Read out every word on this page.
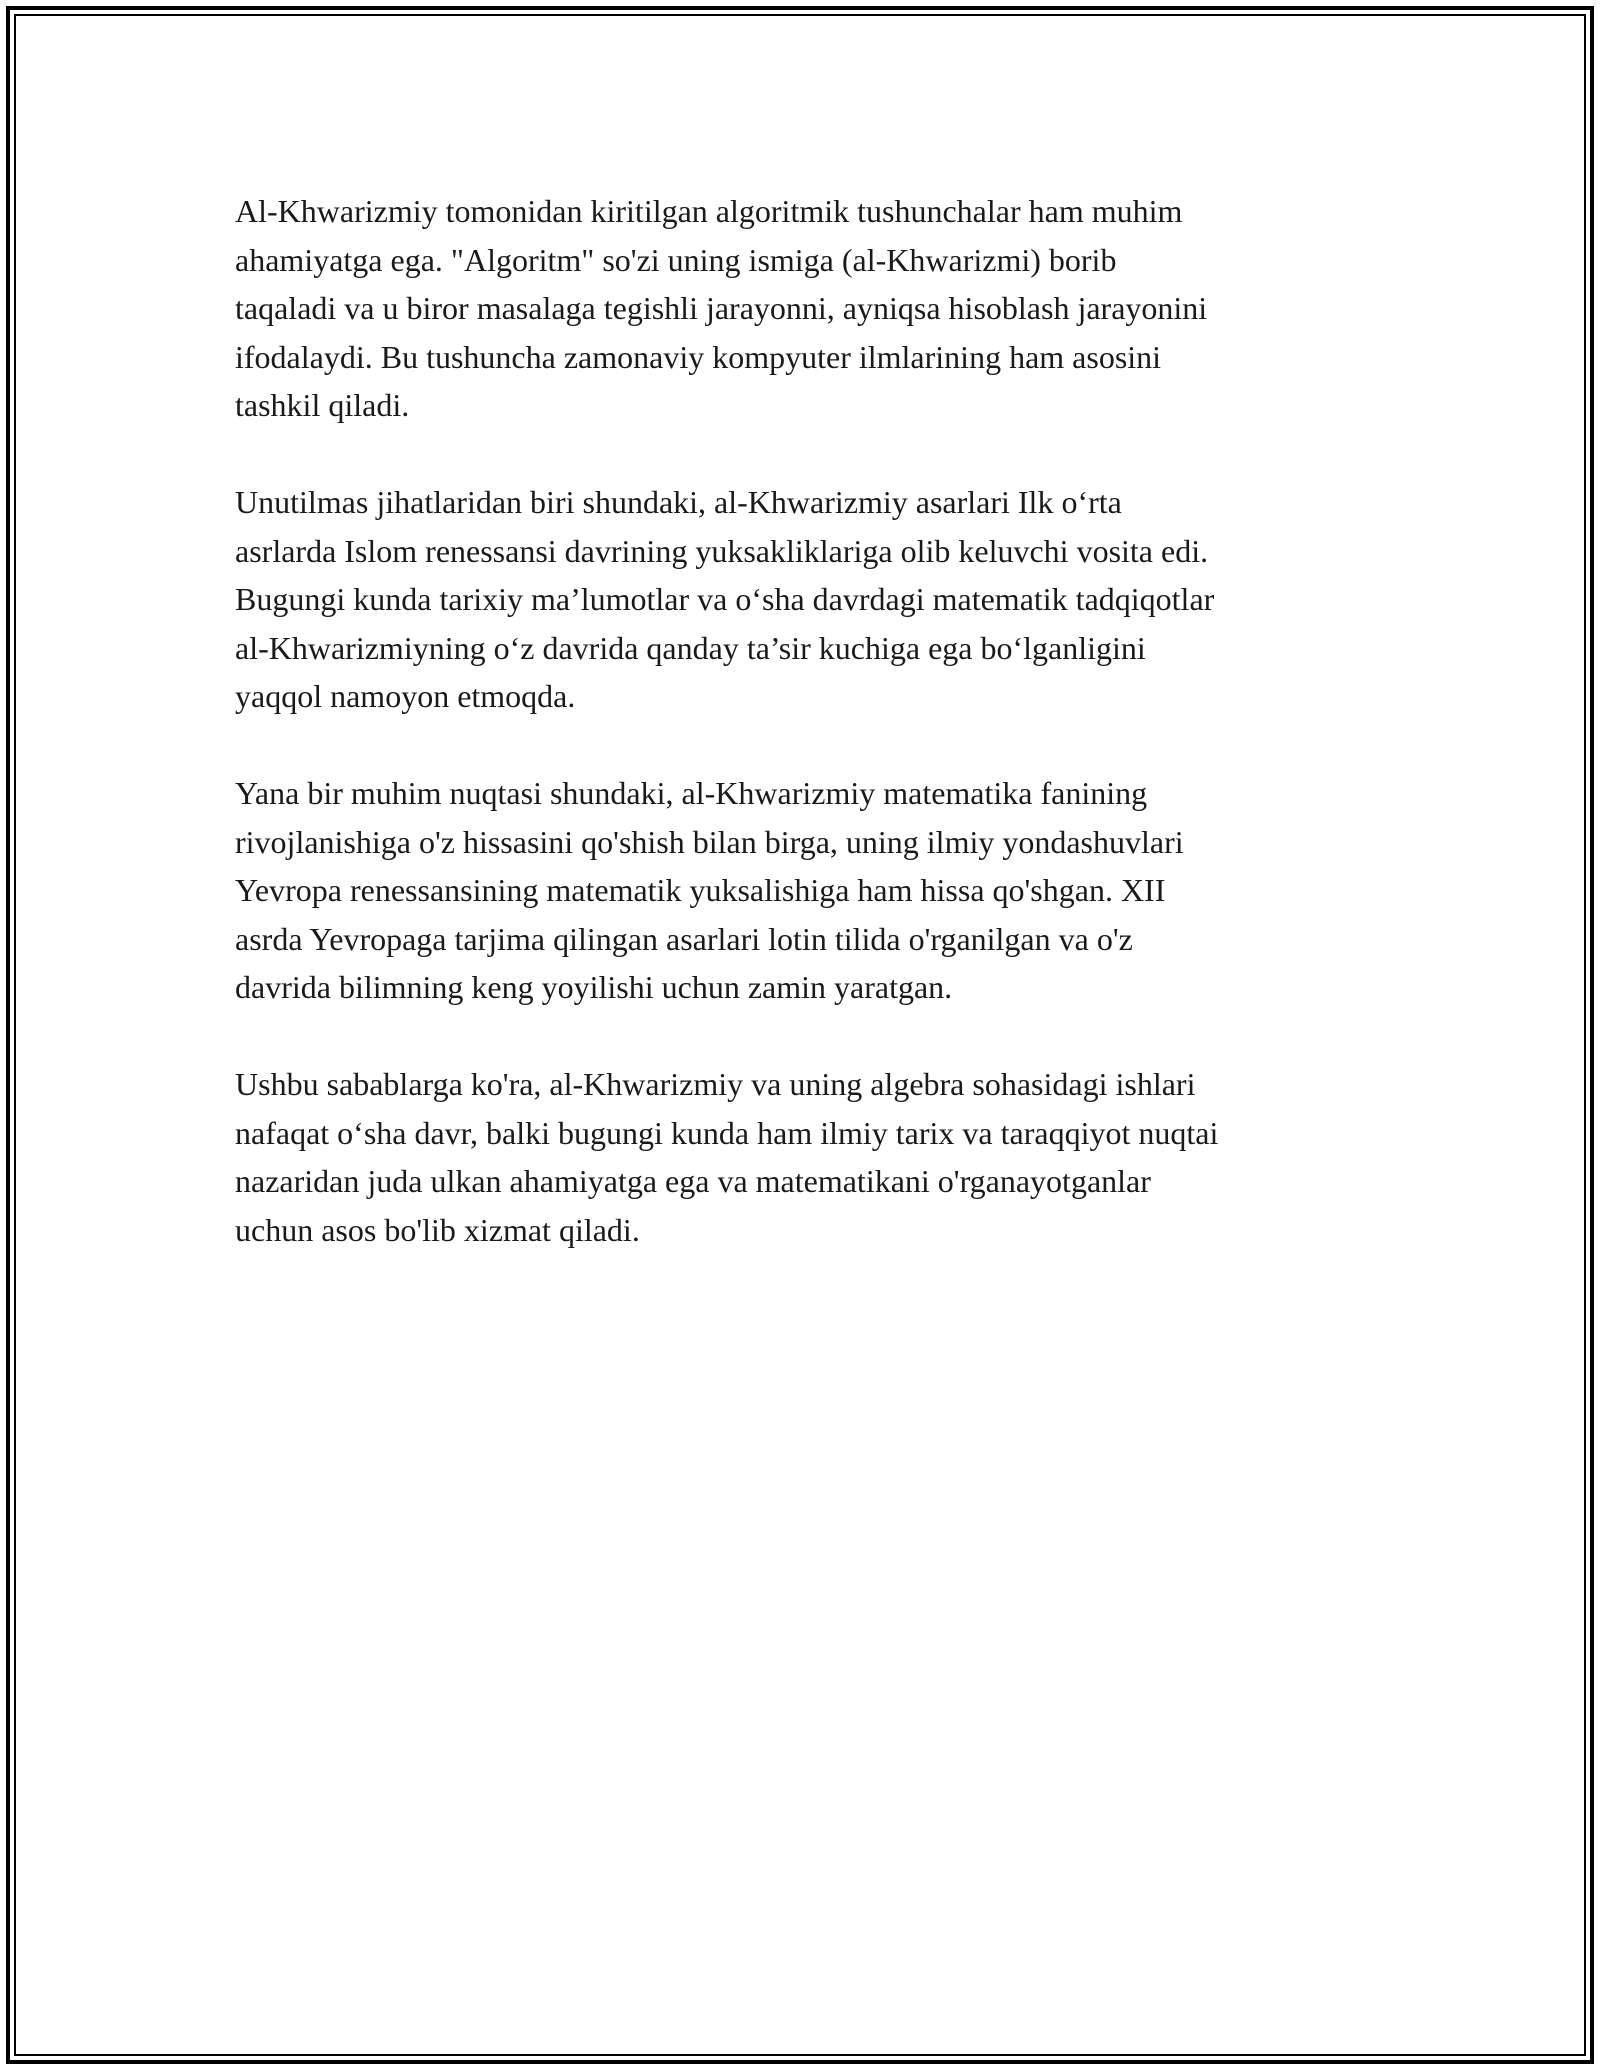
Al-Khwarizmiy tomonidan kiritilgan algoritmik tushunchalar ham muhim
ahamiyatga ega. "Algoritm" so'zi uning ismiga (al-Khwarizmi) borib
taqaladi va u biror masalaga tegishli jarayonni, ayniqsa hisoblash jarayonini
ifodalaydi. Bu tushuncha zamonaviy kompyuter ilmlarining ham asosini
tashkil qiladi.

Unutilmas jihatlaridan biri shundaki, al-Khwarizmiy asarlari Ilk o‘rta
asrlarda Islom renessansi davrining yuksakliklariga olib keluvchi vosita edi.
Bugungi kunda tarixiy ma’lumotlar va o‘sha davrdagi matematik tadqiqotlar
al-Khwarizmiyning o‘z davrida qanday ta’sir kuchiga ega bo‘lganligini
yaqqol namoyon etmoqda.

Yana bir muhim nuqtasi shundaki, al-Khwarizmiy matematika fanining
rivojlanishiga o'z hissasini qo'shish bilan birga, uning ilmiy yondashuvlari
Yevropa renessansining matematik yuksalishiga ham hissa qo'shgan. XII
asrda Yevropaga tarjima qilingan asarlari lotin tilida o'rganilgan va o'z
davrida bilimning keng yoyilishi uchun zamin yaratgan.

Ushbu sabablarga ko'ra, al-Khwarizmiy va uning algebra sohasidagi ishlari
nafaqat o‘sha davr, balki bugungi kunda ham ilmiy tarix va taraqqiyot nuqtai
nazaridan juda ulkan ahamiyatga ega va matematikani o'rganayotganlar
uchun asos bo'lib xizmat qiladi.
